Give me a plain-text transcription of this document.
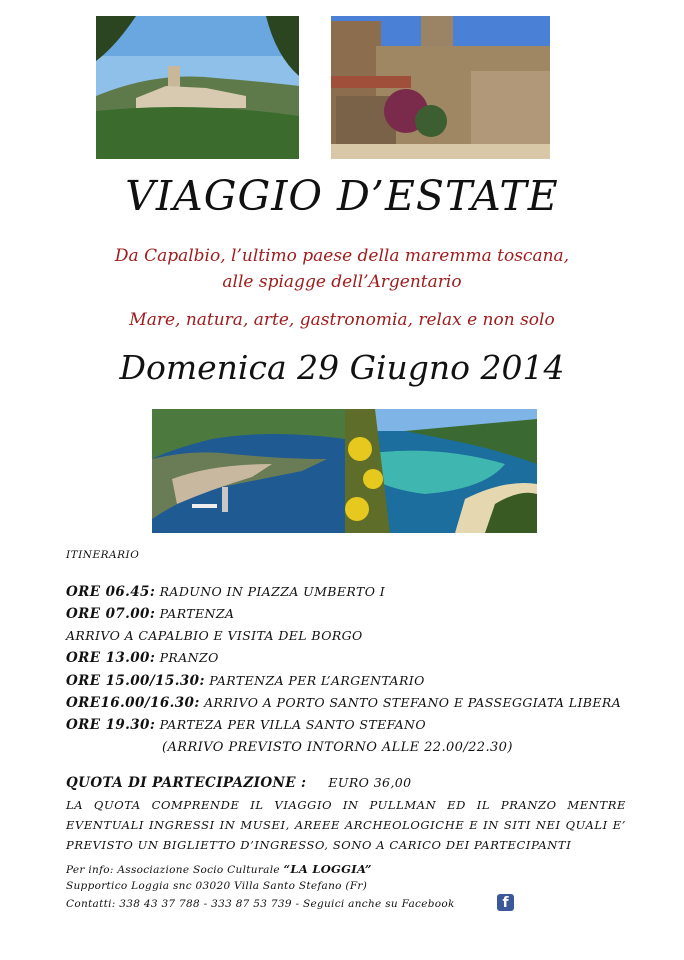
VIAGGIO D’ESTATE
Da Capalbio, l’ultimo paese della maremma toscana,
alle spiagge dell’Argentario
Mare, natura, arte, gastronomia, relax e non solo
Domenica 29 Giugno 2014
ITINERARIO
ORE 06.45: RADUNO IN PIAZZA UMBERTO I
ORE 07.00: PARTENZA
ARRIVO A CAPALBIO E VISITA DEL BORGO
ORE 13.00: PRANZO
ORE 15.00/15.30: PARTENZA PER L’ARGENTARIO
ORE16.00/16.30: ARRIVO A PORTO SANTO STEFANO E PASSEGGIATA LIBERA
ORE 19.30: PARTEZA PER VILLA SANTO STEFANO
(ARRIVO PREVISTO INTORNO ALLE 22.00/22.30)
QUOTA DI PARTECIPAZIONE : EURO 36,00
LA QUOTA COMPRENDE IL VIAGGIO IN PULLMAN ED IL PRANZO MENTRE EVENTUALI INGRESSI IN MUSEI, AREEE ARCHEOLOGICHE E IN SITI NEI QUALI E’ PREVISTO UN BIGLIETTO D’INGRESSO, SONO A CARICO DEI PARTECIPANTI
Per info: Associazione Socio Culturale “LA LOGGIA”
Supportico Loggia snc 03020 Villa Santo Stefano (Fr)
Contatti: 338 43 37 788 - 333 87 53 739 - Seguici anche su Facebook	f
